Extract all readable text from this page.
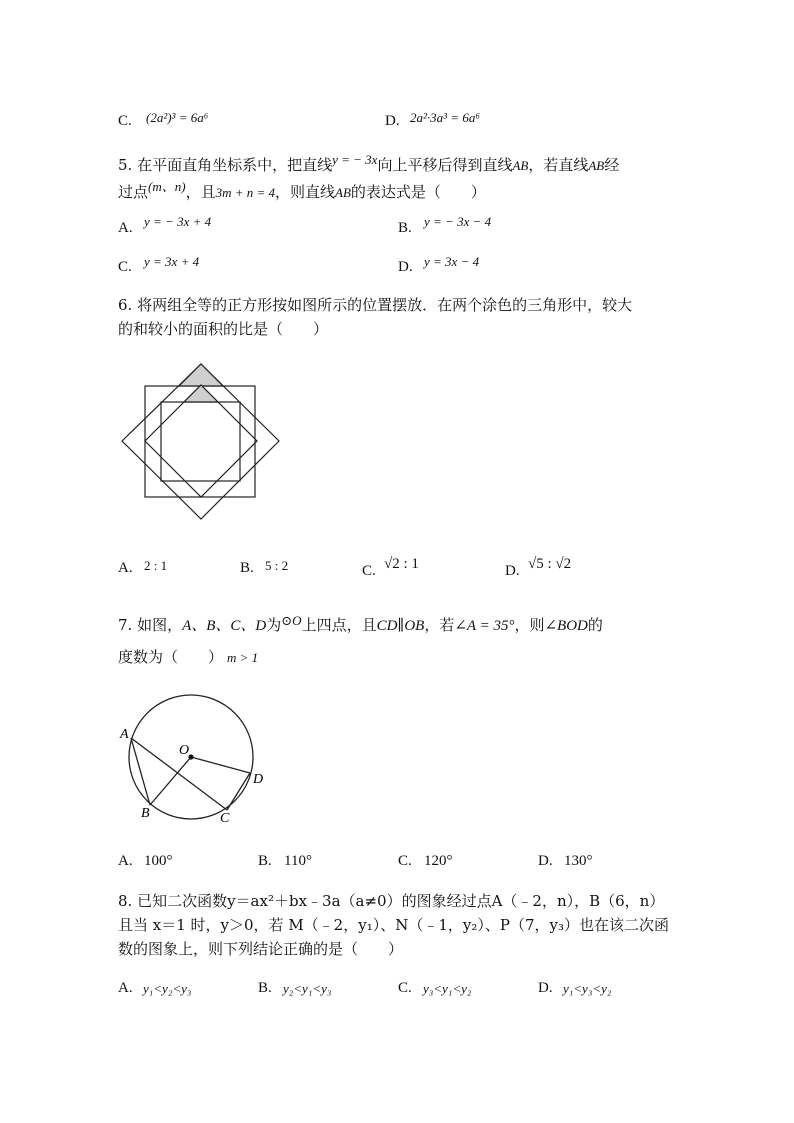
C. (2a²)³ = 6a⁶	D. 2a²·3a³ = 6a⁶
5. 在平面直角坐标系中，把直线y = − 3x向上平移后得到直线AB，若直线AB经
过点(m、n)，且3m + n = 4，则直线AB的表达式是（　　）
A. y = − 3x + 4	B. y = − 3x − 4
C. y = 3x + 4	D. y = 3x − 4
6. 将两组全等的正方形按如图所示的位置摆放．在两个涂色的三角形中，较大
的和较小的面积的比是（　　）
A. 2 : 1	B. 5 : 2	C. √2 : 1	D. √5 : √2
7. 如图，A、B、C、D为⊙O上四点，且CD∥OB，若∠A = 35°，则∠BOD的
度数为（　　） m > 1
A
B	C
D
O
A. 100°	B. 110°	C. 120°	D. 130°
8. 已知二次函数y＝ax²＋bx﹣3a（a≠0）的图象经过点A（﹣2，n），B（6，n）
且当 x＝1 时，y＞0，若 M（﹣2，y₁）、N（﹣1，y₂）、P（7，y₃）也在该二次函
数的图象上，则下列结论正确的是（　　）
A. y₁<y₂<y₃	B. y₂<y₁<y₃	C. y₃<y₁<y₂	D. y₁<y₃<y₂
